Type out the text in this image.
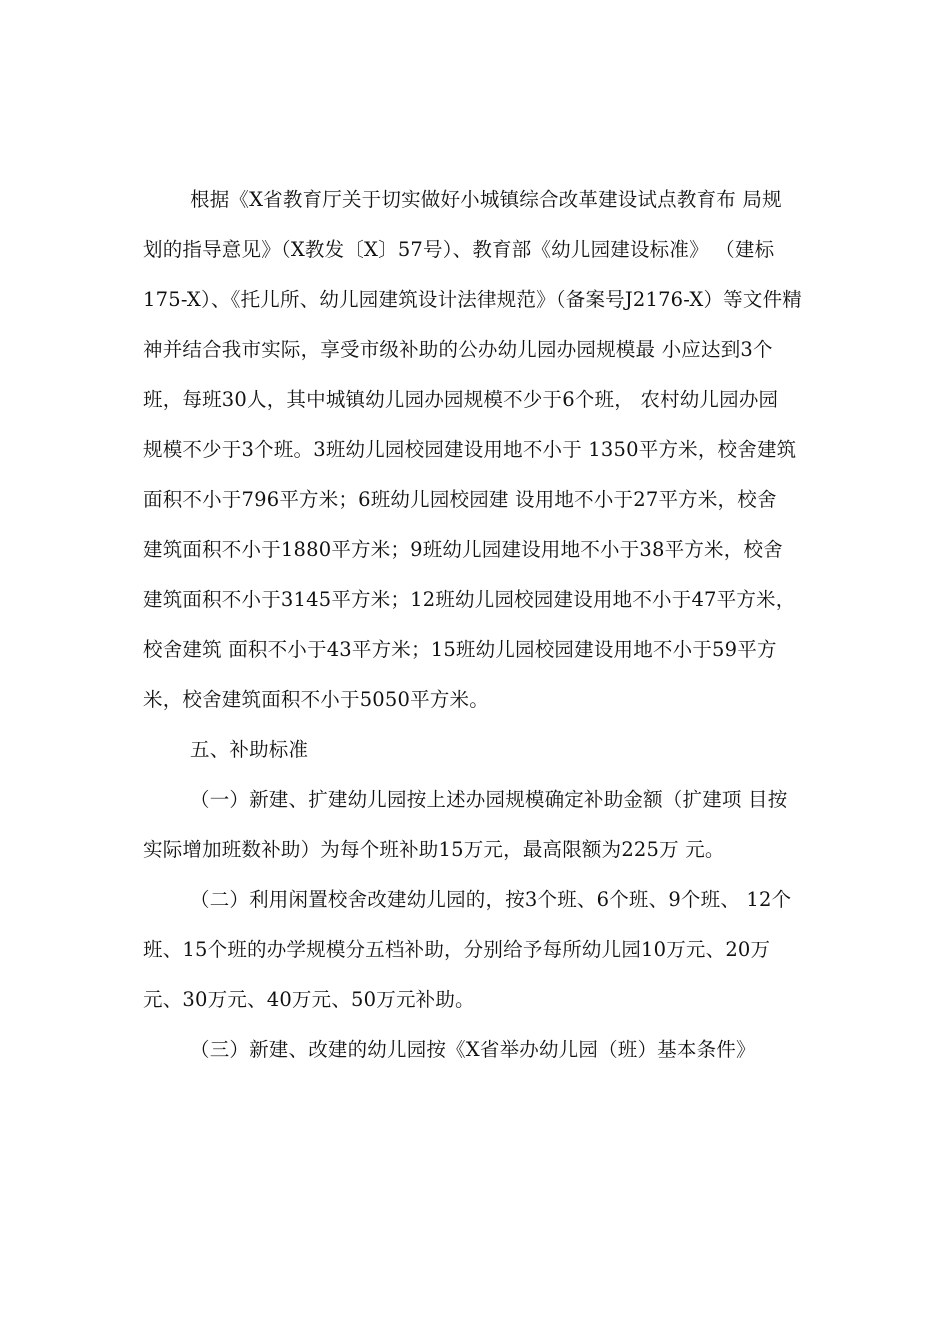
根据《X省教育厅关于切实做好小城镇综合改革建设试点教育布 局规
划的指导意见》（X教发〔X〕57号）、教育部《幼儿园建设标准》 （建标
175-X）、《托儿所、幼儿园建筑设计法律规范》（备案号J2176-X）等文件精
神并结合我市实际，享受市级补助的公办幼儿园办园规模最 小应达到3个
班，每班30人，其中城镇幼儿园办园规模不少于6个班， 农村幼儿园办园
规模不少于3个班。3班幼儿园校园建设用地不小于 1350平方米，校舍建筑
面积不小于796平方米；6班幼儿园校园建 设用地不小于27平方米，校舍
建筑面积不小于1880平方米；9班幼儿园建设用地不小于38平方米，校舍
建筑面积不小于3145平方米；12班幼儿园校园建设用地不小于47平方米，
校舍建筑 面积不小于43平方米；15班幼儿园校园建设用地不小于59平方
米，校舍建筑面积不小于5050平方米。
五、补助标准
（一）新建、扩建幼儿园按上述办园规模确定补助金额（扩建项 目按
实际增加班数补助）为每个班补助15万元，最高限额为225万 元。
（二）利用闲置校舍改建幼儿园的，按3个班、6个班、9个班、 12个
班、15个班的办学规模分五档补助，分别给予每所幼儿园10万元、20万
元、30万元、40万元、50万元补助。
（三）新建、改建的幼儿园按《X省举办幼儿园（班）基本条件》
